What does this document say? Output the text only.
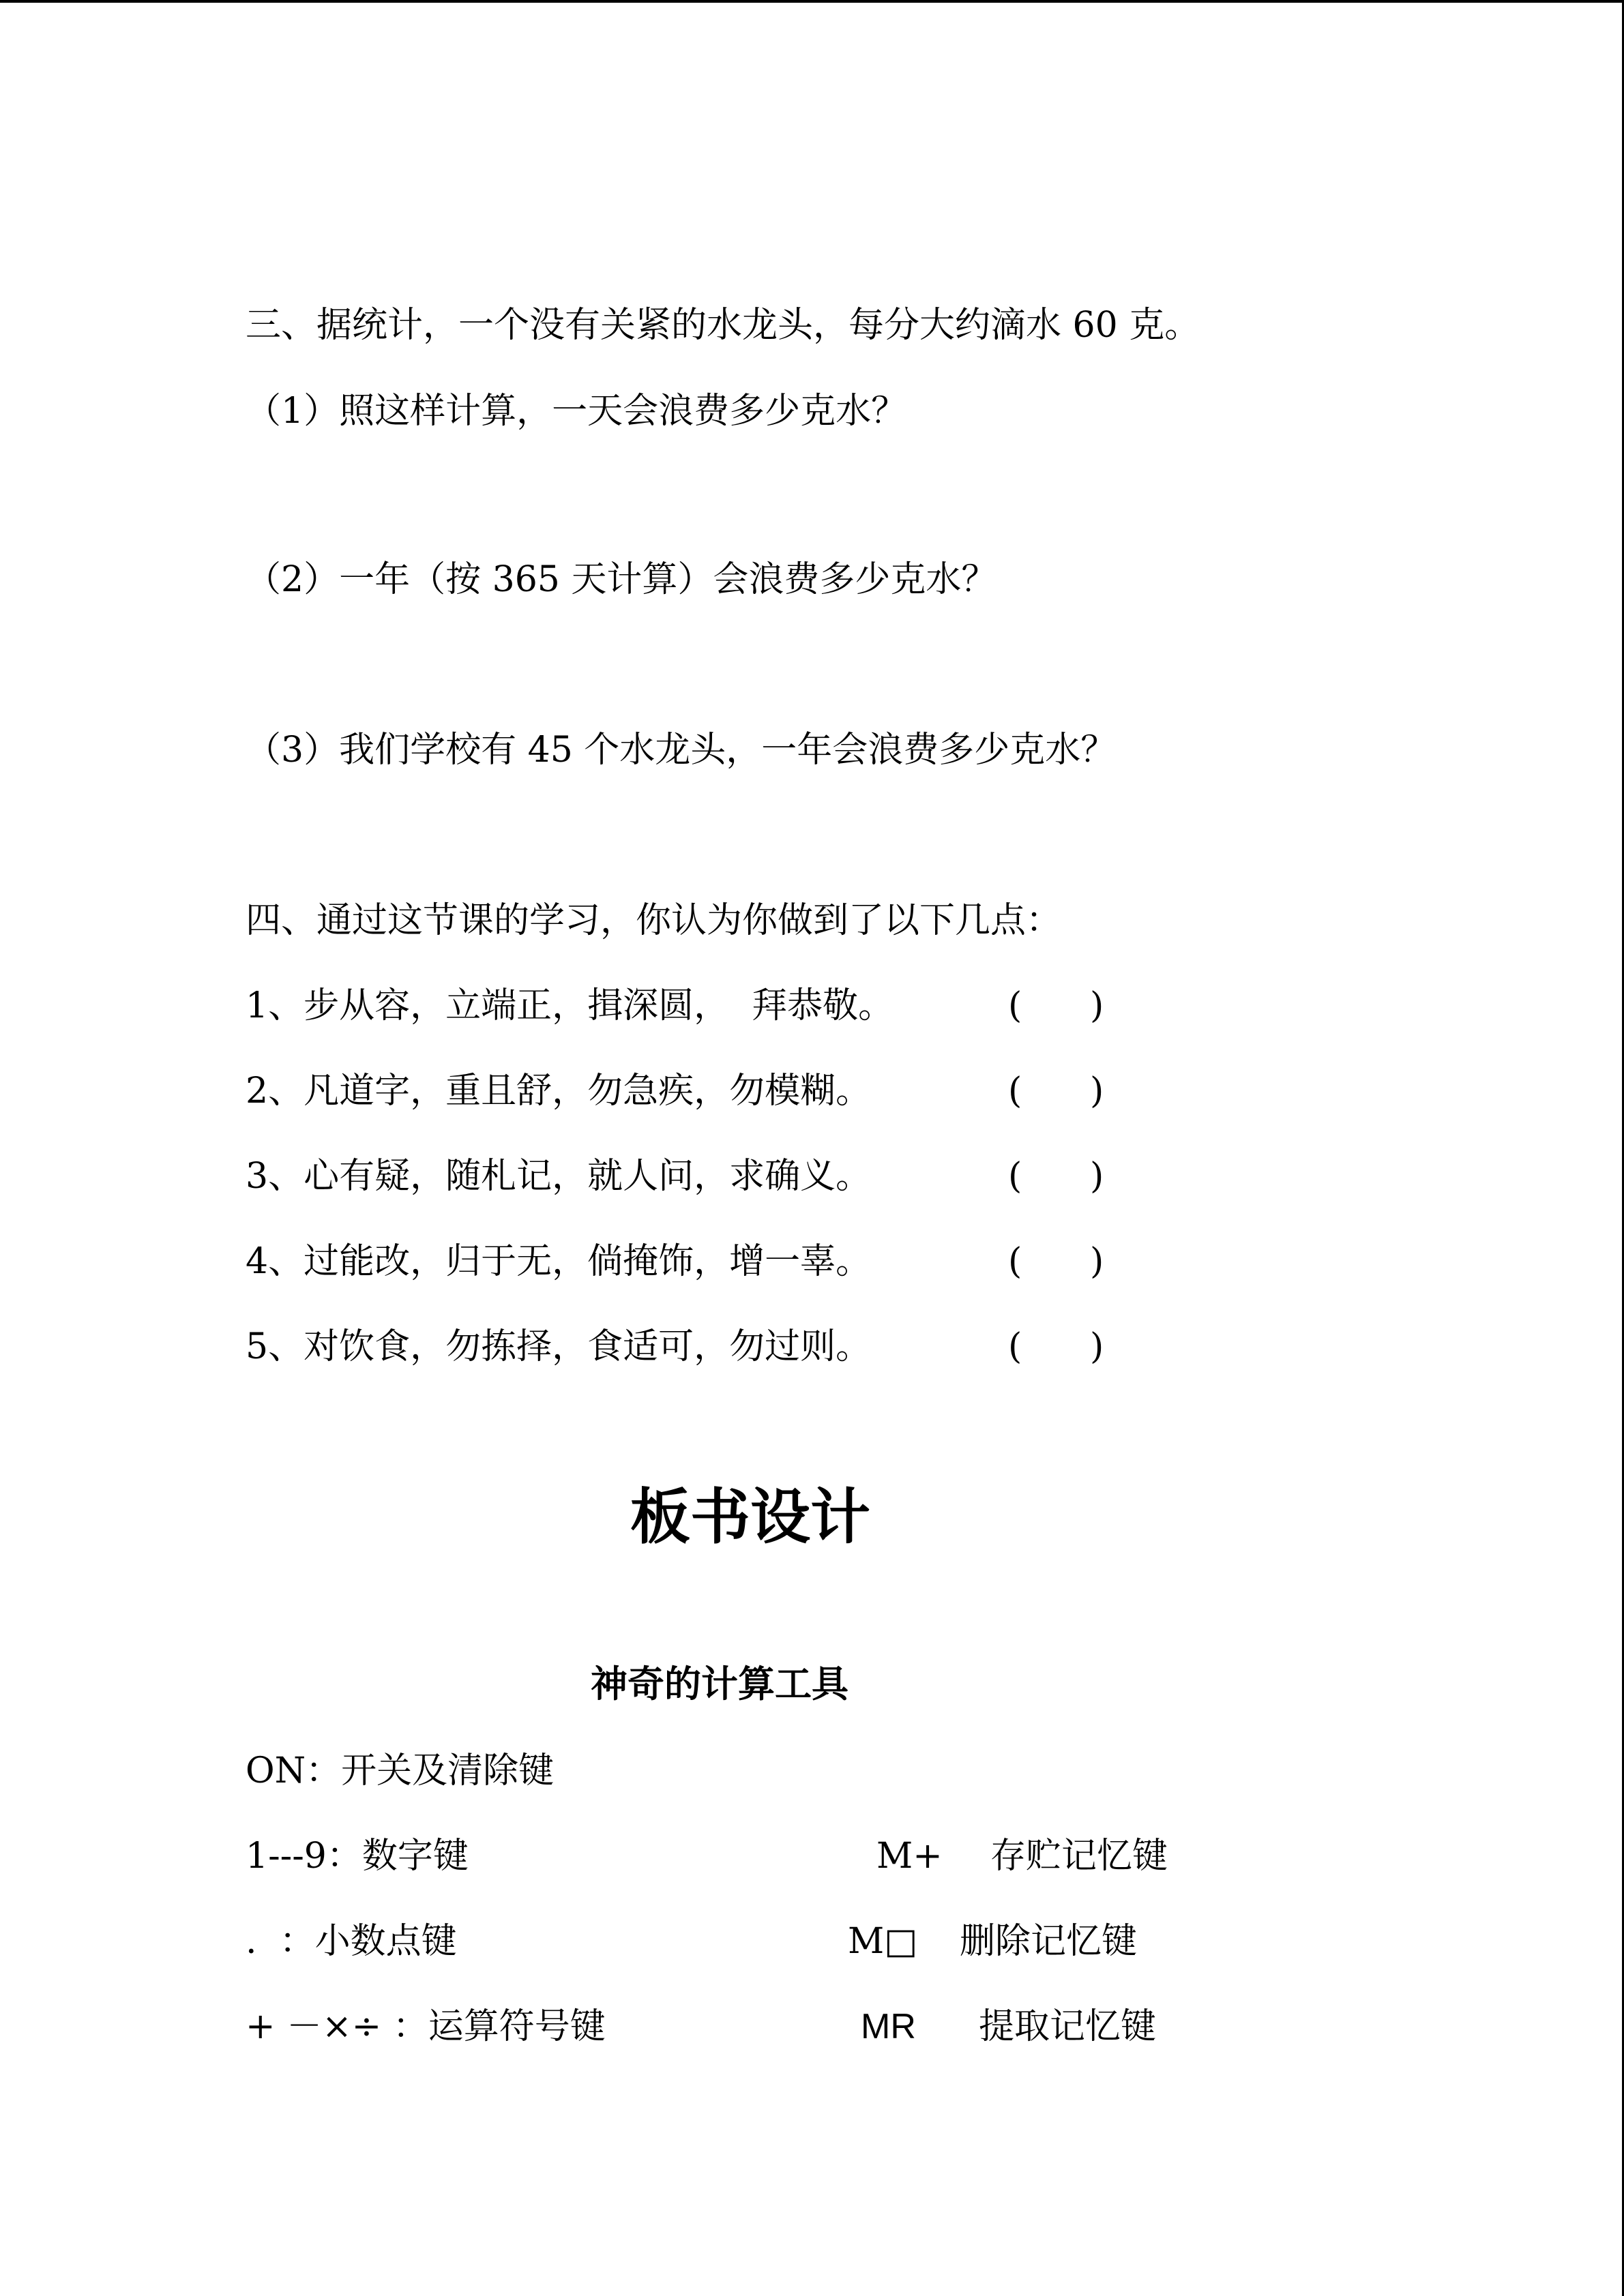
三、据统计，一个没有关紧的水龙头，每分大约滴水 60 克。
（1）照这样计算，一天会浪费多少克水？
（2）一年（按 365 天计算）会浪费多少克水？
（3）我们学校有 45 个水龙头，一年会浪费多少克水？
四、通过这节课的学习，你认为你做到了以下几点：
1、步从容，立端正，揖深圆，  拜恭敬。	( )
2、凡道字，重且舒，勿急疾，勿模糊。	( )
3、心有疑，随札记，就人问，求确义。	( )
4、过能改，归于无，倘掩饰，增一辜。	( )
5、对饮食，勿拣择，食适可，勿过则。	( )
板书设计
神奇的计算工具
ON：开关及清除键
1---9：数字键	M+ 存贮记忆键
.  ：小数点键	M□ 删除记忆键
+ －×÷ ：运算符号键	MR 提取记忆键
